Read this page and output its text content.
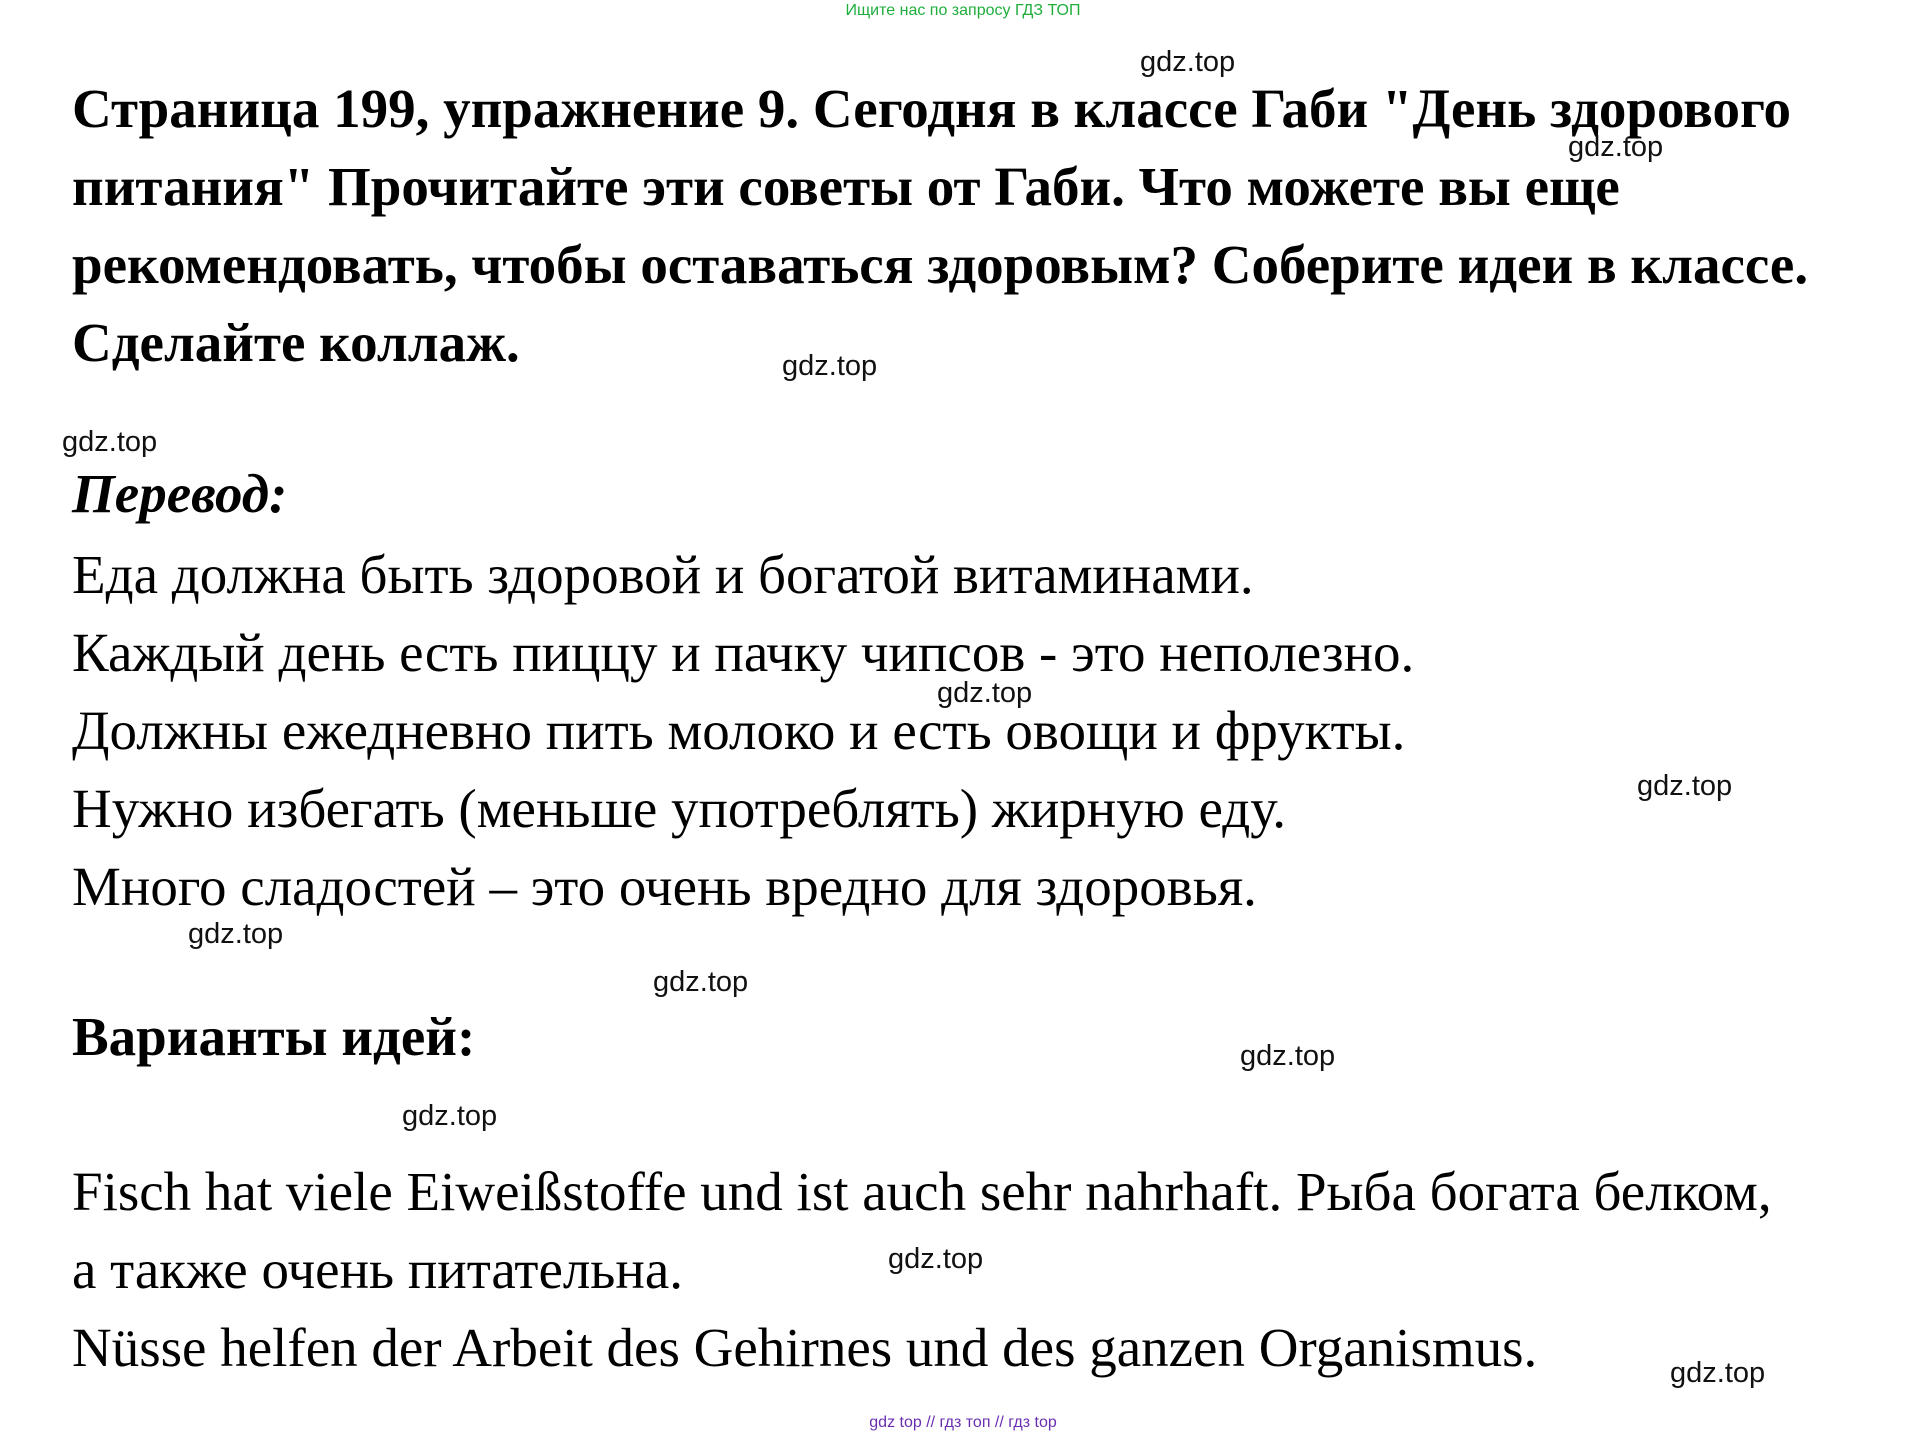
Ищите нас по запросу ГДЗ ТОП

Страница 199, упражнение 9. Сегодня в классе Габи "День здорового питания" Прочитайте эти советы от Габи. Что можете вы еще рекомендовать, чтобы оставаться здоровым? Соберите идеи в классе. Сделайте коллаж.

Перевод:

Еда должна быть здоровой и богатой витаминами.

Каждый день есть пиццу и пачку чипсов - это неполезно.

Должны ежедневно пить молоко и есть овощи и фрукты.

Нужно избегать (меньше употреблять) жирную еду.

Много сладостей – это очень вредно для здоровья.

Варианты идей:

Fisch hat viele Eiweißstoffe und ist auch sehr nahrhaft. Рыба богата белком,

а также очень питательна.

Nüsse helfen der Arbeit des Gehirnes und des ganzen Organismus.

gdz.top
gdz.top
gdz.top
gdz.top
gdz.top
gdz.top
gdz.top
gdz.top
gdz.top
gdz.top
gdz.top
gdz.top
gdz top // гдз топ // гдз top
